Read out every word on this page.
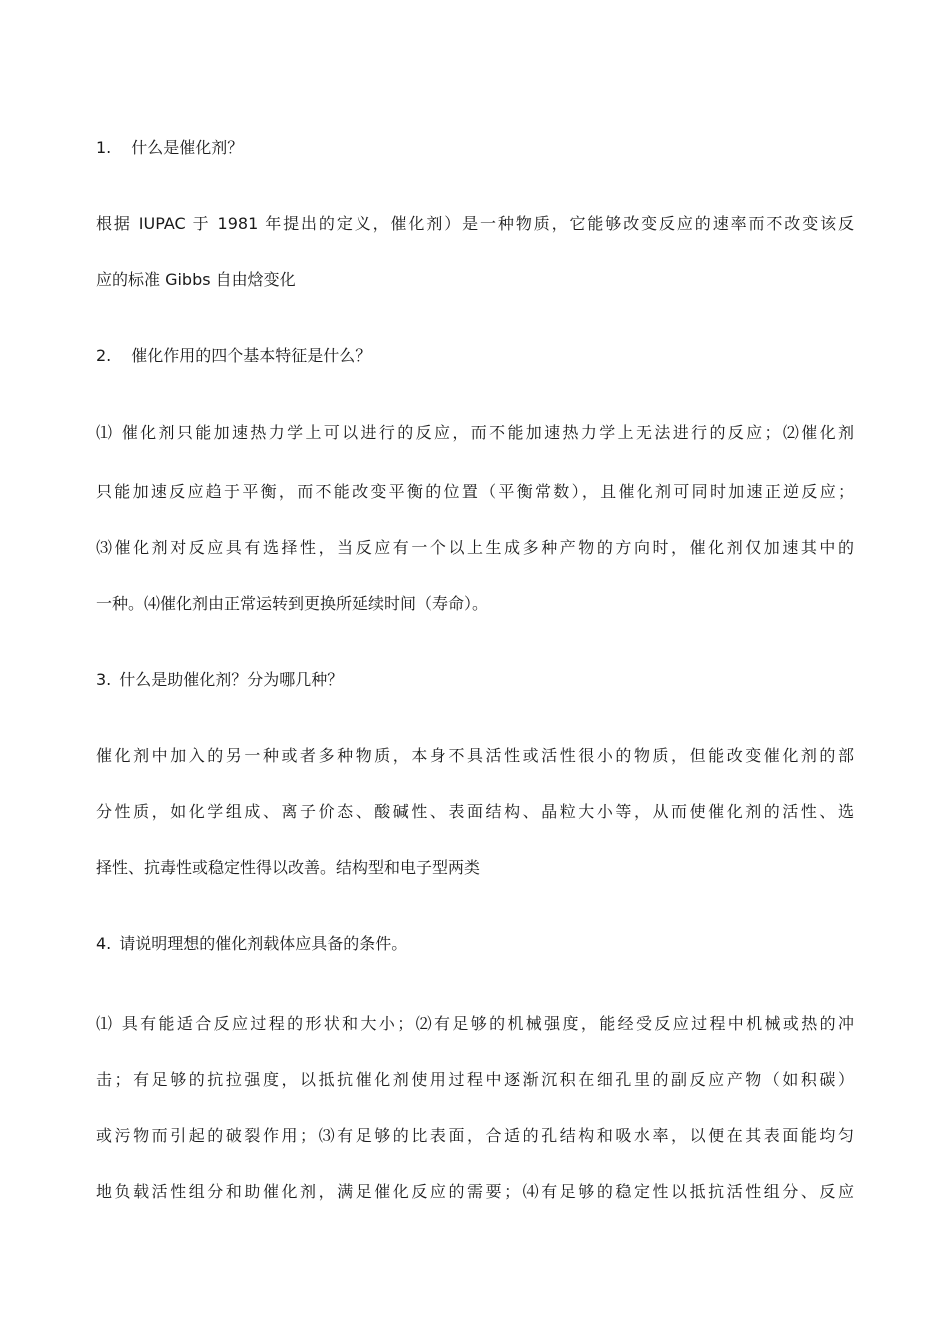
1. 什么是催化剂？
根据 IUPAC 于 1981 年提出的定义，催化剂）是一种物质，它能够改变反应的速率而不改变该反
应的标准 Gibbs 自由焓变化
2. 催化作用的四个基本特征是什么？
⑴ 催化剂只能加速热力学上可以进行的反应，而不能加速热力学上无法进行的反应；⑵催化剂
只能加速反应趋于平衡，而不能改变平衡的位置（平衡常数），且催化剂可同时加速正逆反应；
⑶催化剂对反应具有选择性，当反应有一个以上生成多种产物的方向时，催化剂仅加速其中的
一种。⑷催化剂由正常运转到更换所延续时间（寿命）。
3. 什么是助催化剂？分为哪几种？
催化剂中加入的另一种或者多种物质，本身不具活性或活性很小的物质，但能改变催化剂的部
分性质，如化学组成、离子价态、酸碱性、表面结构、晶粒大小等，从而使催化剂的活性、选
择性、抗毒性或稳定性得以改善。结构型和电子型两类
4. 请说明理想的催化剂载体应具备的条件。
⑴ 具有能适合反应过程的形状和大小；⑵有足够的机械强度，能经受反应过程中机械或热的冲
击；有足够的抗拉强度，以抵抗催化剂使用过程中逐渐沉积在细孔里的副反应产物（如积碳）
或污物而引起的破裂作用；⑶有足够的比表面，合适的孔结构和吸水率，以便在其表面能均匀
地负载活性组分和助催化剂，满足催化反应的需要；⑷有足够的稳定性以抵抗活性组分、反应
